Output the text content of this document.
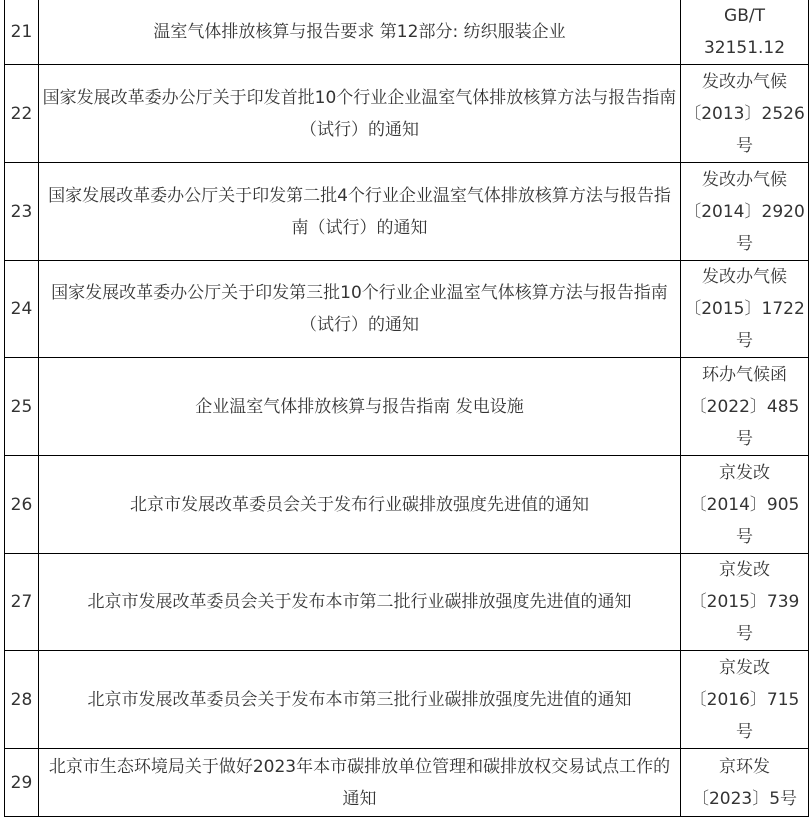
21	温室气体排放核算与报告要求 第12部分: 纺织服装企业	GB/T
32151.12

22	国家发展改革委办公厅关于印发首批10个行业企业温室气体排放核算方法与报告指南（试行）的通知	发改办气候
〔2013〕2526
号

23	国家发展改革委办公厅关于印发第二批4个行业企业温室气体排放核算方法与报告指南（试行）的通知	发改办气候
〔2014〕2920
号

24	国家发展改革委办公厅关于印发第三批10个行业企业温室气体核算方法与报告指南（试行）的通知	发改办气候
〔2015〕1722
号

25	企业温室气体排放核算与报告指南 发电设施	环办气候函
〔2022〕485
号

26	北京市发展改革委员会关于发布行业碳排放强度先进值的通知	京发改
〔2014〕905
号

27	北京市发展改革委员会关于发布本市第二批行业碳排放强度先进值的通知	京发改
〔2015〕739
号

28	北京市发展改革委员会关于发布本市第三批行业碳排放强度先进值的通知	京发改
〔2016〕715
号

29	北京市生态环境局关于做好2023年本市碳排放单位管理和碳排放权交易试点工作的通知	京环发
〔2023〕5号
